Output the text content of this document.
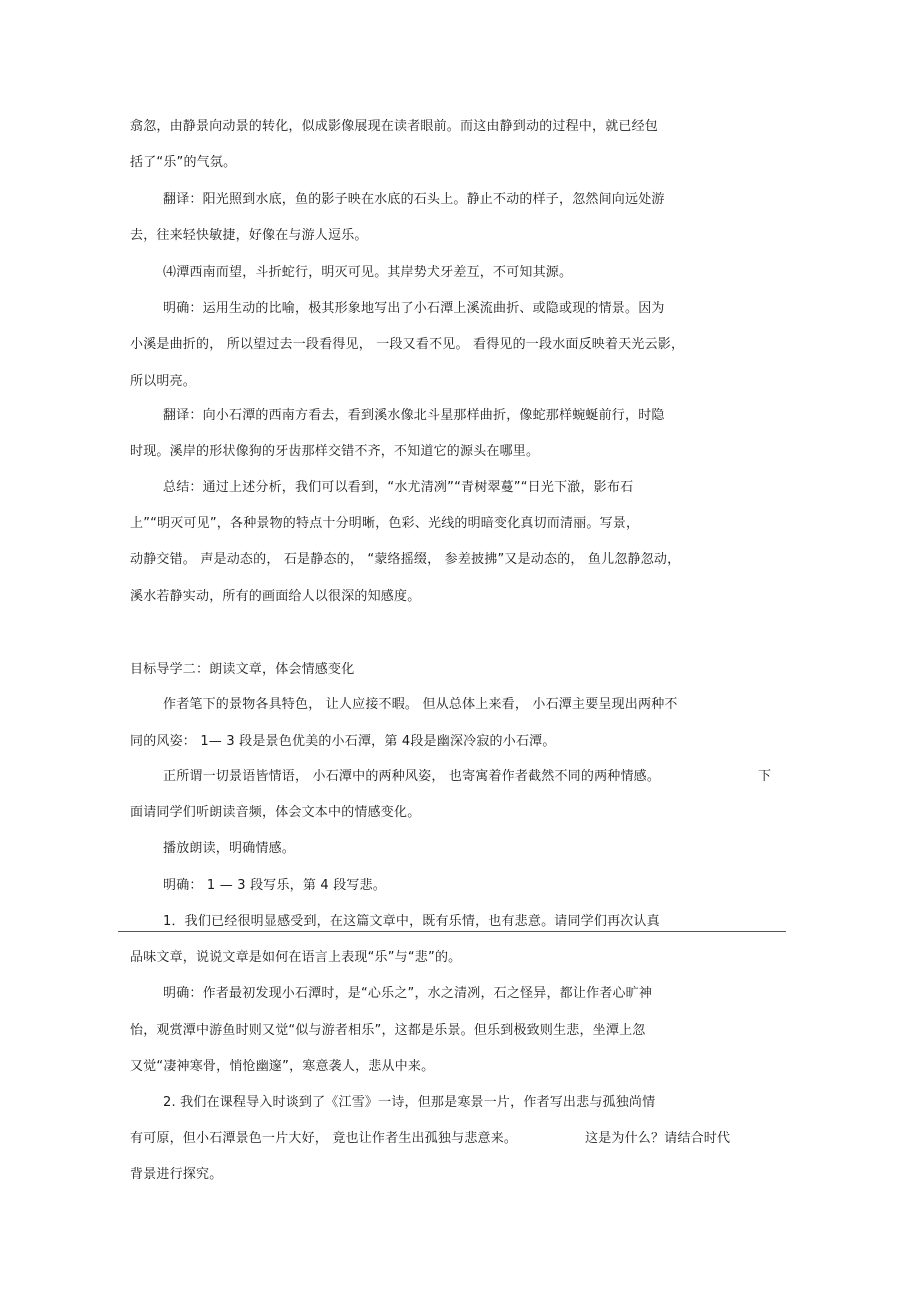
翕忽，由静景向动景的转化，似成影像展现在读者眼前。而这由静到动的过程中，就已经包
括了“乐”的气氛。
翻译：阳光照到水底，鱼的影子映在水底的石头上。静止不动的样子，忽然间向远处游
去，往来轻快敏捷，好像在与游人逗乐。
⑷潭西南而望，斗折蛇行，明灭可见。其岸势犬牙差互，不可知其源。
明确：运用生动的比喻，极其形象地写出了小石潭上溪流曲折、或隐或现的情景。因为
小溪是曲折的， 所以望过去一段看得见， 一段又看不见。 看得见的一段水面反映着天光云影，
所以明亮。
翻译：向小石潭的西南方看去，看到溪水像北斗星那样曲折，像蛇那样蜿蜒前行，时隐
时现。溪岸的形状像狗的牙齿那样交错不齐，不知道它的源头在哪里。
总结：通过上述分析，我们可以看到，“水尤清冽”“青树翠蔓”“日光下澈，影布石
上”“明灭可见”，各种景物的特点十分明晰，色彩、光线的明暗变化真切而清丽。写景，
动静交错。 声是动态的， 石是静态的， “蒙络摇缀， 参差披拂”又是动态的， 鱼儿忽静忽动，
溪水若静实动，所有的画面给人以很深的知感度。
目标导学二：朗读文章，体会情感变化
作者笔下的景物各具特色， 让人应接不暇。 但从总体上来看， 小石潭主要呈现出两种不
同的风姿： 1— 3 段是景色优美的小石潭，第 4段是幽深冷寂的小石潭。
正所谓一切景语皆情语， 小石潭中的两种风姿， 也寄寓着作者截然不同的两种情感。	下
面请同学们听朗读音频，体会文本中的情感变化。
播放朗读，明确情感。
明确： 1 — 3 段写乐，第 4 段写悲。
1．我们已经很明显感受到，在这篇文章中，既有乐情，也有悲意。请同学们再次认真
品味文章，说说文章是如何在语言上表现“乐”与“悲”的。
明确：作者最初发现小石潭时，是“心乐之”，水之清冽，石之怪异，都让作者心旷神
怡，观赏潭中游鱼时则又觉“似与游者相乐”，这都是乐景。但乐到极致则生悲，坐潭上忽
又觉“凄神寒骨，悄怆幽邃”，寒意袭人，悲从中来。
2. 我们在课程导入时谈到了《江雪》一诗，但那是寒景一片，作者写出悲与孤独尚情
有可原，但小石潭景色一片大好， 竟也让作者生出孤独与悲意来。	这是为什么？请结合时代
背景进行探究。
